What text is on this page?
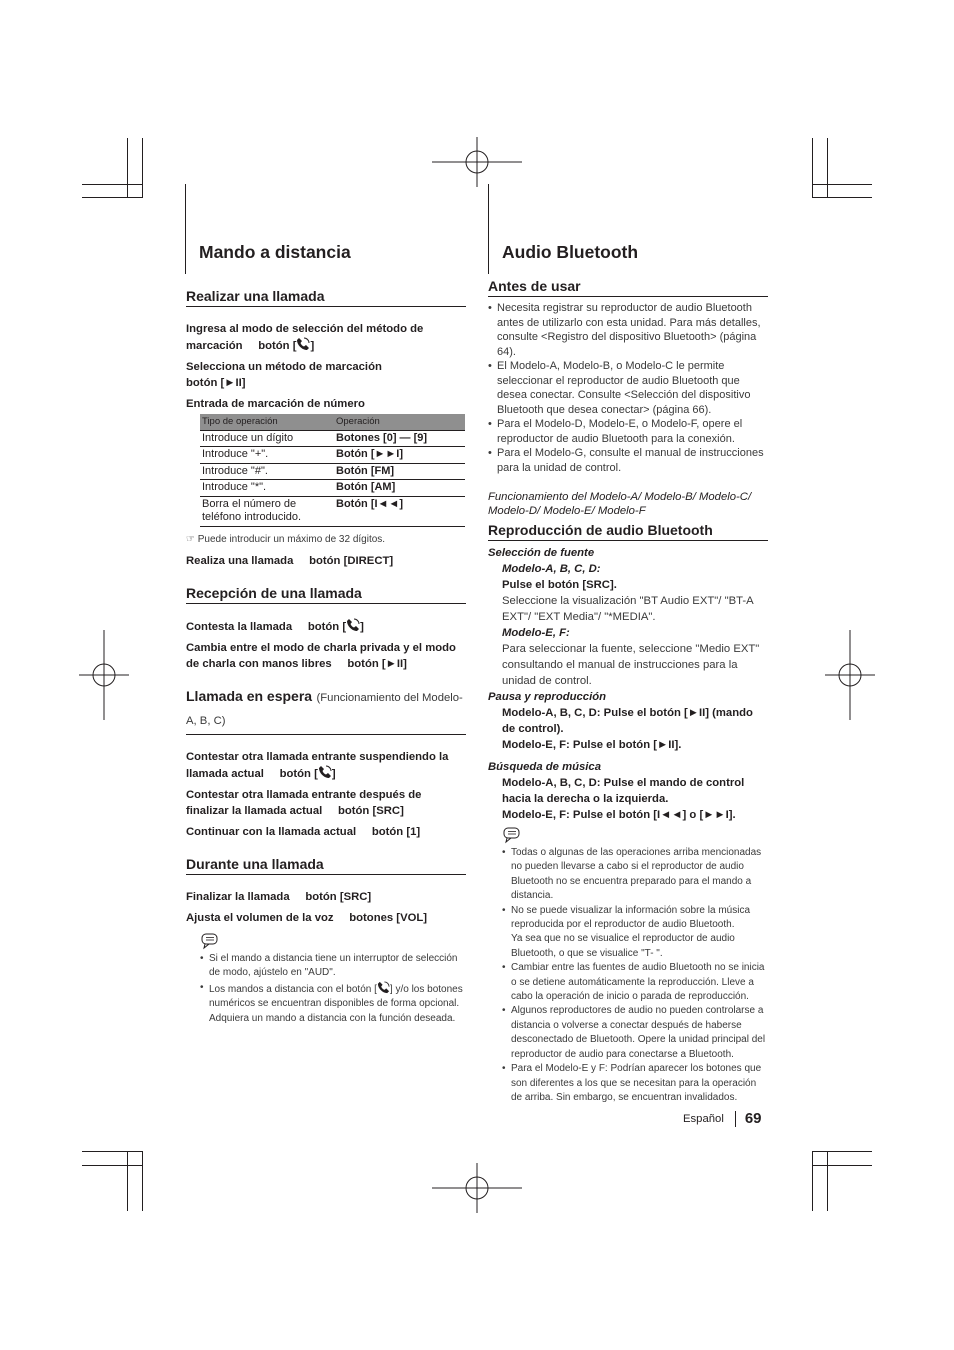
Mando a distancia	Audio Bluetooth
Realizar una llamada
Ingresa al modo de selección del método de marcación botón [ ]
Selecciona un método de marcación
botón [►II]
Entrada de marcación de número
Tipo de operación	Operación
Introduce un dígito	Botones [0] — [9]
Introduce "+".	Botón [►►I]
Introduce "#".	Botón [FM]
Introduce "*".	Botón [AM]
Borra el número de teléfono introducido.	Botón [I◄◄]
☞ Puede introducir un máximo de 32 dígitos.
Realiza una llamada botón [DIRECT]
Recepción de una llamada
Contesta la llamada botón [ ]
Cambia entre el modo de charla privada y el modo de charla con manos libres botón [►II]
Llamada en espera (Funcionamiento del Modelo-A, B, C)
Contestar otra llamada entrante suspendiendo la llamada actual botón [ ]
Contestar otra llamada entrante después de finalizar la llamada actual botón [SRC]
Continuar con la llamada actual botón [1]
Durante una llamada
Finalizar la llamada botón [SRC]
Ajusta el volumen de la voz botones [VOL]
• Si el mando a distancia tiene un interruptor de selección de modo, ajústelo en "AUD".
• Los mandos a distancia con el botón [ ] y/o los botones numéricos se encuentran disponibles de forma opcional. Adquiera un mando a distancia con la función deseada.
Antes de usar
• Necesita registrar su reproductor de audio Bluetooth antes de utilizarlo con esta unidad. Para más detalles, consulte <Registro del dispositivo Bluetooth> (página 64).
• El Modelo-A, Modelo-B, o Modelo-C le permite seleccionar el reproductor de audio Bluetooth que desea conectar. Consulte <Selección del dispositivo Bluetooth que desea conectar> (página 66).
• Para el Modelo-D, Modelo-E, o Modelo-F, opere el reproductor de audio Bluetooth para la conexión.
• Para el Modelo-G, consulte el manual de instrucciones para la unidad de control.
Funcionamiento del Modelo-A/ Modelo-B/ Modelo-C/ Modelo-D/ Modelo-E/ Modelo-F
Reproducción de audio Bluetooth
Selección de fuente
Modelo-A, B, C, D:
Pulse el botón [SRC].
Seleccione la visualización "BT Audio EXT"/ "BT-A EXT"/ "EXT Media"/ "*MEDIA".
Modelo-E, F:
Para seleccionar la fuente, seleccione "Medio EXT" consultando el manual de instrucciones para la unidad de control.
Pausa y reproducción
Modelo-A, B, C, D: Pulse el botón [►II] (mando de control).
Modelo-E, F: Pulse el botón [►II].
Búsqueda de música
Modelo-A, B, C, D: Pulse el mando de control hacia la derecha o la izquierda.
Modelo-E, F: Pulse el botón [I◄◄] o [►►I].
• Todas o algunas de las operaciones arriba mencionadas no pueden llevarse a cabo si el reproductor de audio Bluetooth no se encuentra preparado para el mando a distancia.
• No se puede visualizar la información sobre la música reproducida por el reproductor de audio Bluetooth.
Ya sea que no se visualice el reproductor de audio Bluetooth, o que se visualice "T- ".
• Cambiar entre las fuentes de audio Bluetooth no se inicia o se detiene automáticamente la reproducción. Lleve a cabo la operación de inicio o parada de reproducción.
• Algunos reproductores de audio no pueden controlarse a distancia o volverse a conectar después de haberse desconectado de Bluetooth. Opere la unidad principal del reproductor de audio para conectarse a Bluetooth.
• Para el Modelo-E y F: Podrían aparecer los botones que son diferentes a los que se necesitan para la operación de arriba. Sin embargo, se encuentran invalidados.
Español 69
